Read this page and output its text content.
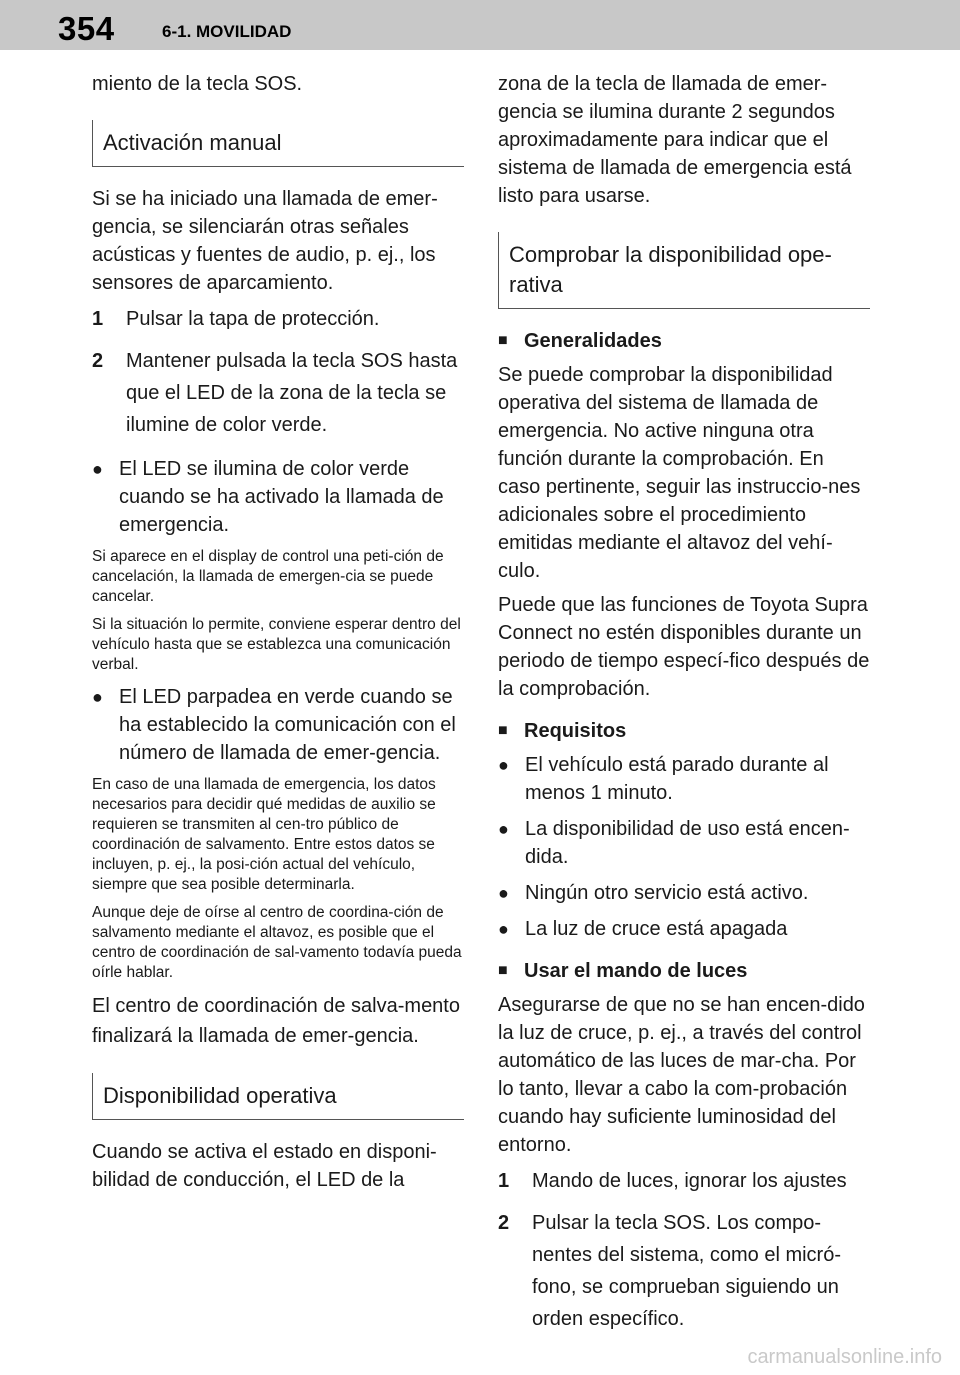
354	6-1. MOVILIDAD

miento de la tecla SOS.

Activación manual

Si se ha iniciado una llamada de emer-gencia, se silenciarán otras señales acústicas y fuentes de audio, p. ej., los sensores de aparcamiento.

1	Pulsar la tapa de protección.
2	Mantener pulsada la tecla SOS hasta que el LED de la zona de la tecla se ilumine de color verde.
● El LED se ilumina de color verde cuando se ha activado la llamada de emergencia.

Si aparece en el display de control una peti-ción de cancelación, la llamada de emergen-cia se puede cancelar.

Si la situación lo permite, conviene esperar dentro del vehículo hasta que se establezca una comunicación verbal.

● El LED parpadea en verde cuando se ha establecido la comunicación con el número de llamada de emer-gencia.

En caso de una llamada de emergencia, los datos necesarios para decidir qué medidas de auxilio se requieren se transmiten al cen-tro público de coordinación de salvamento. Entre estos datos se incluyen, p. ej., la posi-ción actual del vehículo, siempre que sea posible determinarla.

Aunque deje de oírse al centro de coordina-ción de salvamento mediante el altavoz, es posible que el centro de coordinación de sal-vamento todavía pueda oírle hablar.

El centro de coordinación de salva-mento finalizará la llamada de emer-gencia.

Disponibilidad operativa

Cuando se activa el estado en disponi-bilidad de conducción, el LED de la

zona de la tecla de llamada de emer-gencia se ilumina durante 2 segundos aproximadamente para indicar que el sistema de llamada de emergencia está listo para usarse.

Comprobar la disponibilidad ope-rativa
■ Generalidades

Se puede comprobar la disponibilidad operativa del sistema de llamada de emergencia. No active ninguna otra función durante la comprobación. En caso pertinente, seguir las instruccio-nes adicionales sobre el procedimiento emitidas mediante el altavoz del vehí-culo.

Puede que las funciones de Toyota Supra Connect no estén disponibles durante un periodo de tiempo especí-fico después de la comprobación.

■ Requisitos
● El vehículo está parado durante al menos 1 minuto.
● La disponibilidad de uso está encen-dida.
● Ningún otro servicio está activo.
● La luz de cruce está apagada
■ Usar el mando de luces

Asegurarse de que no se han encen-dido la luz de cruce, p. ej., a través del control automático de las luces de mar-cha. Por lo tanto, llevar a cabo la com-probación cuando hay suficiente luminosidad del entorno.

1	Mando de luces, ignorar los ajustes
2	Pulsar la tecla SOS. Los compo-nentes del sistema, como el micró-fono, se comprueban siguiendo un orden específico.
carmanualsonline.info
